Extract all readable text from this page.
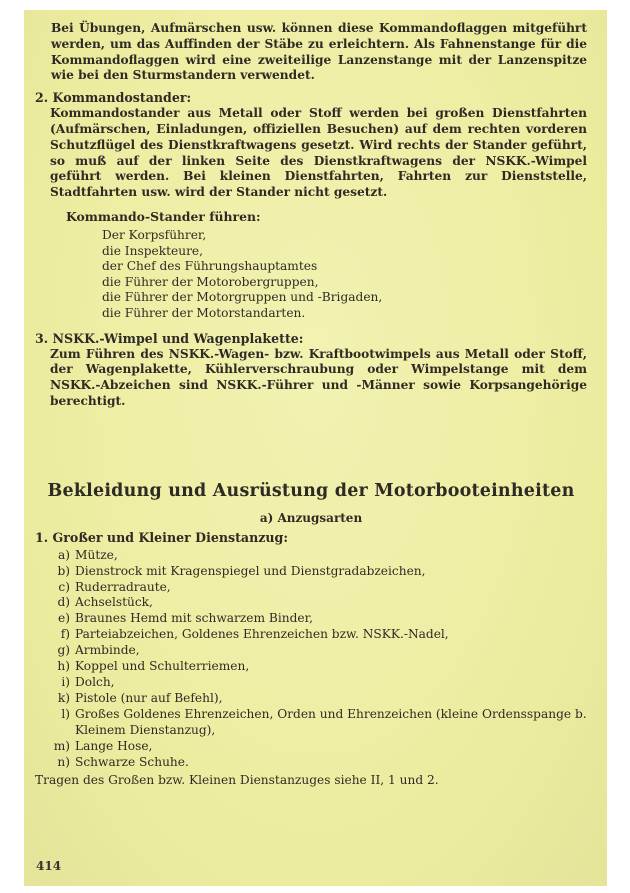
Bei Übungen, Aufmärschen usw. können diese Kommandoflaggen mitgeführt werden, um das Auffinden der Stäbe zu erleichtern. Als Fahnenstange für die Kommandoflaggen wird eine zweiteilige Lanzenstange mit der Lanzenspitze wie bei den Sturmstandern verwendet.

2. Kommandostander:

Kommandostander aus Metall oder Stoff werden bei großen Dienstfahrten (Aufmärschen, Einladungen, offiziellen Besuchen) auf dem rechten vorderen Schutzflügel des Dienstkraftwagens gesetzt. Wird rechts der Stander geführt, so muß auf der linken Seite des Dienstkraftwagens der NSKK.-Wimpel geführt werden. Bei kleinen Dienstfahrten, Fahrten zur Dienststelle, Stadtfahrten usw. wird der Stander nicht gesetzt.

Kommando-Stander führen:
Der Korpsführer,
die Inspekteure,
der Chef des Führungshauptamtes
die Führer der Motorobergruppen,
die Führer der Motorgruppen und -Brigaden,
die Führer der Motorstandarten.
3. NSKK.-Wimpel und Wagenplakette:

Zum Führen des NSKK.-Wagen- bzw. Kraftbootwimpels aus Metall oder Stoff, der Wagenplakette, Kühlerverschraubung oder Wimpelstange mit dem NSKK.-Abzeichen sind NSKK.-Führer und -Männer sowie Korpsangehörige berechtigt.

Bekleidung und Ausrüstung der Motorbooteinheiten
a) Anzugsarten
1. Großer und Kleiner Dienstanzug:
a) Mütze,
b) Dienstrock mit Kragenspiegel und Dienstgradabzeichen,
c) Ruderradraute,
d) Achselstück,
e) Braunes Hemd mit schwarzem Binder,
f) Parteiabzeichen, Goldenes Ehrenzeichen bzw. NSKK.-Nadel,
g) Armbinde,
h) Koppel und Schulterriemen,
i) Dolch,
k) Pistole (nur auf Befehl),
l) Großes Goldenes Ehrenzeichen, Orden und Ehrenzeichen (kleine Ordensspange b. Kleinem Dienstanzug),
m) Lange Hose,
n) Schwarze Schuhe.

Tragen des Großen bzw. Kleinen Dienstanzuges siehe II, 1 und 2.

414
